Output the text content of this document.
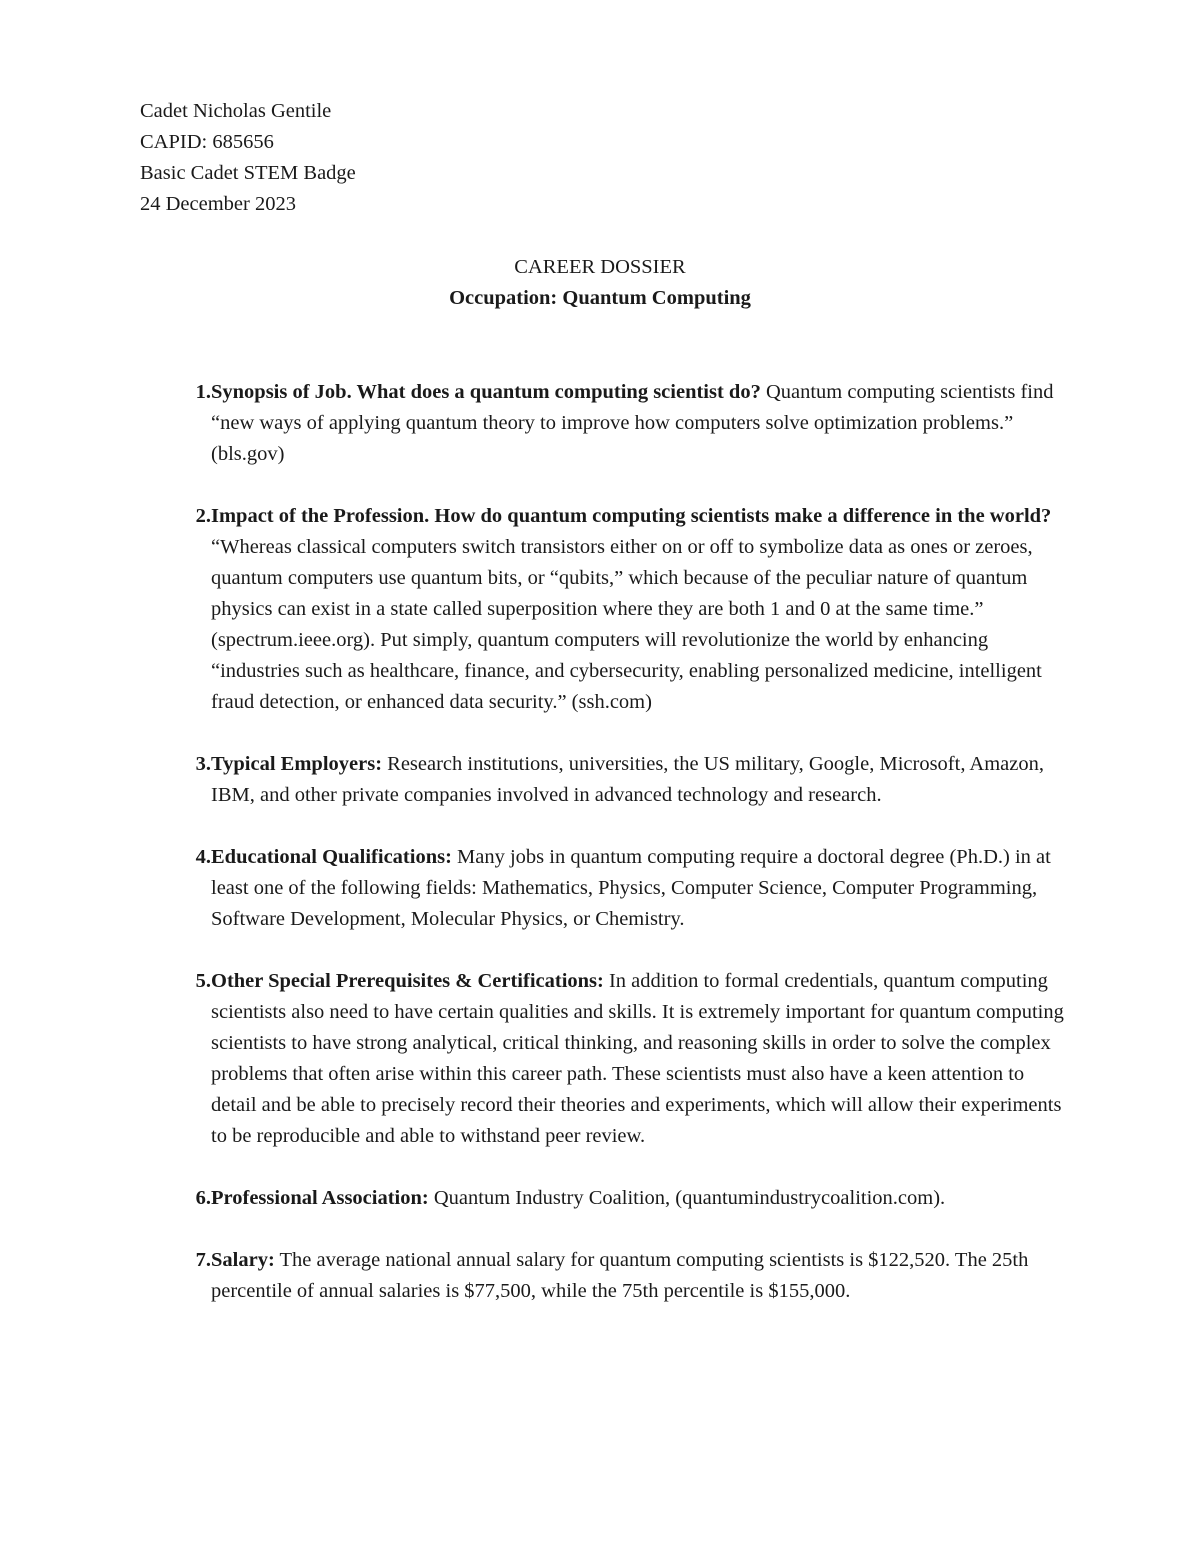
Cadet Nicholas Gentile
CAPID: 685656
Basic Cadet STEM Badge
24 December 2023
CAREER DOSSIER
Occupation: Quantum Computing
1. Synopsis of Job. What does a quantum computing scientist do? Quantum computing scientists find “new ways of applying quantum theory to improve how computers solve optimization problems.” (bls.gov)
2. Impact of the Profession. How do quantum computing scientists make a difference in the world? “Whereas classical computers switch transistors either on or off to symbolize data as ones or zeroes, quantum computers use quantum bits, or “qubits,” which because of the peculiar nature of quantum physics can exist in a state called superposition where they are both 1 and 0 at the same time.” (spectrum.ieee.org). Put simply, quantum computers will revolutionize the world by enhancing “industries such as healthcare, finance, and cybersecurity, enabling personalized medicine, intelligent fraud detection, or enhanced data security.” (ssh.com)
3. Typical Employers: Research institutions, universities, the US military, Google, Microsoft, Amazon, IBM, and other private companies involved in advanced technology and research.
4. Educational Qualifications: Many jobs in quantum computing require a doctoral degree (Ph.D.) in at least one of the following fields: Mathematics, Physics, Computer Science, Computer Programming, Software Development, Molecular Physics, or Chemistry.
5. Other Special Prerequisites & Certifications: In addition to formal credentials, quantum computing scientists also need to have certain qualities and skills. It is extremely important for quantum computing scientists to have strong analytical, critical thinking, and reasoning skills in order to solve the complex problems that often arise within this career path. These scientists must also have a keen attention to detail and be able to precisely record their theories and experiments, which will allow their experiments to be reproducible and able to withstand peer review.
6. Professional Association: Quantum Industry Coalition, (quantumindustrycoalition.com).
7. Salary: The average national annual salary for quantum computing scientists is $122,520. The 25th percentile of annual salaries is $77,500, while the 75th percentile is $155,000.
